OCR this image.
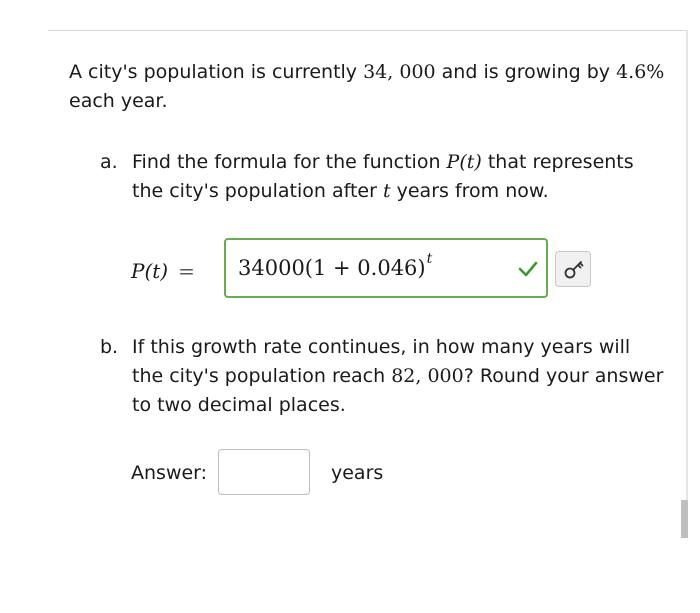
A city's population is currently 34, 000 and is growing by 4.6%
each year.
a. Find the formula for the function P(t) that represents
the city's population after t years from now.
$P(t) = 34000(1 + 0.046)^t$
b. If this growth rate continues, in how many years will
the city's population reach 82, 000? Round your answer
to two decimal places.
Answer:	years
